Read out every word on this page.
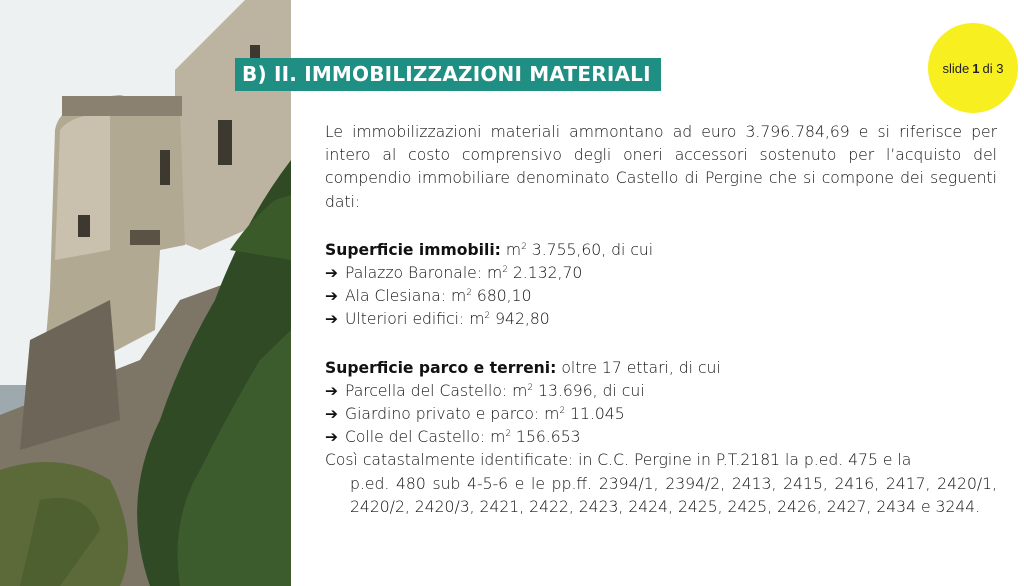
B) II. IMMOBILIZZAZIONI MATERIALI	slide 1 di
3

Le immobilizzazioni materiali ammontano ad euro 3.796.784,69 e si riferisce per intero al costo comprensivo degli oneri accessori sostenuto per l’acquisto del compendio immobiliare denominato Castello di Pergine che si compone dei seguenti dati:

Superficie immobili: $m^2$ 3.755,60, di cui

➔ Palazzo Baronale: $m^2$ 2.132,70
➔ Ala Clesiana: $m^2$ 680,10
➔ Ulteriori edifici: $m^2$ 942,80

Superficie parco e terreni: oltre 17 ettari, di cui

➔ Parcella del Castello: $m^2$ 13.696, di cui
➔ Giardino privato e parco: $m^2$ 11.045
➔ Colle del Castello: $m^2$ 156.653

Così catastalmente identificate: in C.C. Pergine in P.T.2181 la p.ed. 475 e la

p.ed. 480 sub 4-5-6 e le pp.ff. 2394/1, 2394/2, 2413, 2415, 2416, 2417, 2420/1, 2420/2, 2420/3, 2421, 2422, 2423, 2424, 2425, 2425, 2426, 2427, 2434 e 3244.
